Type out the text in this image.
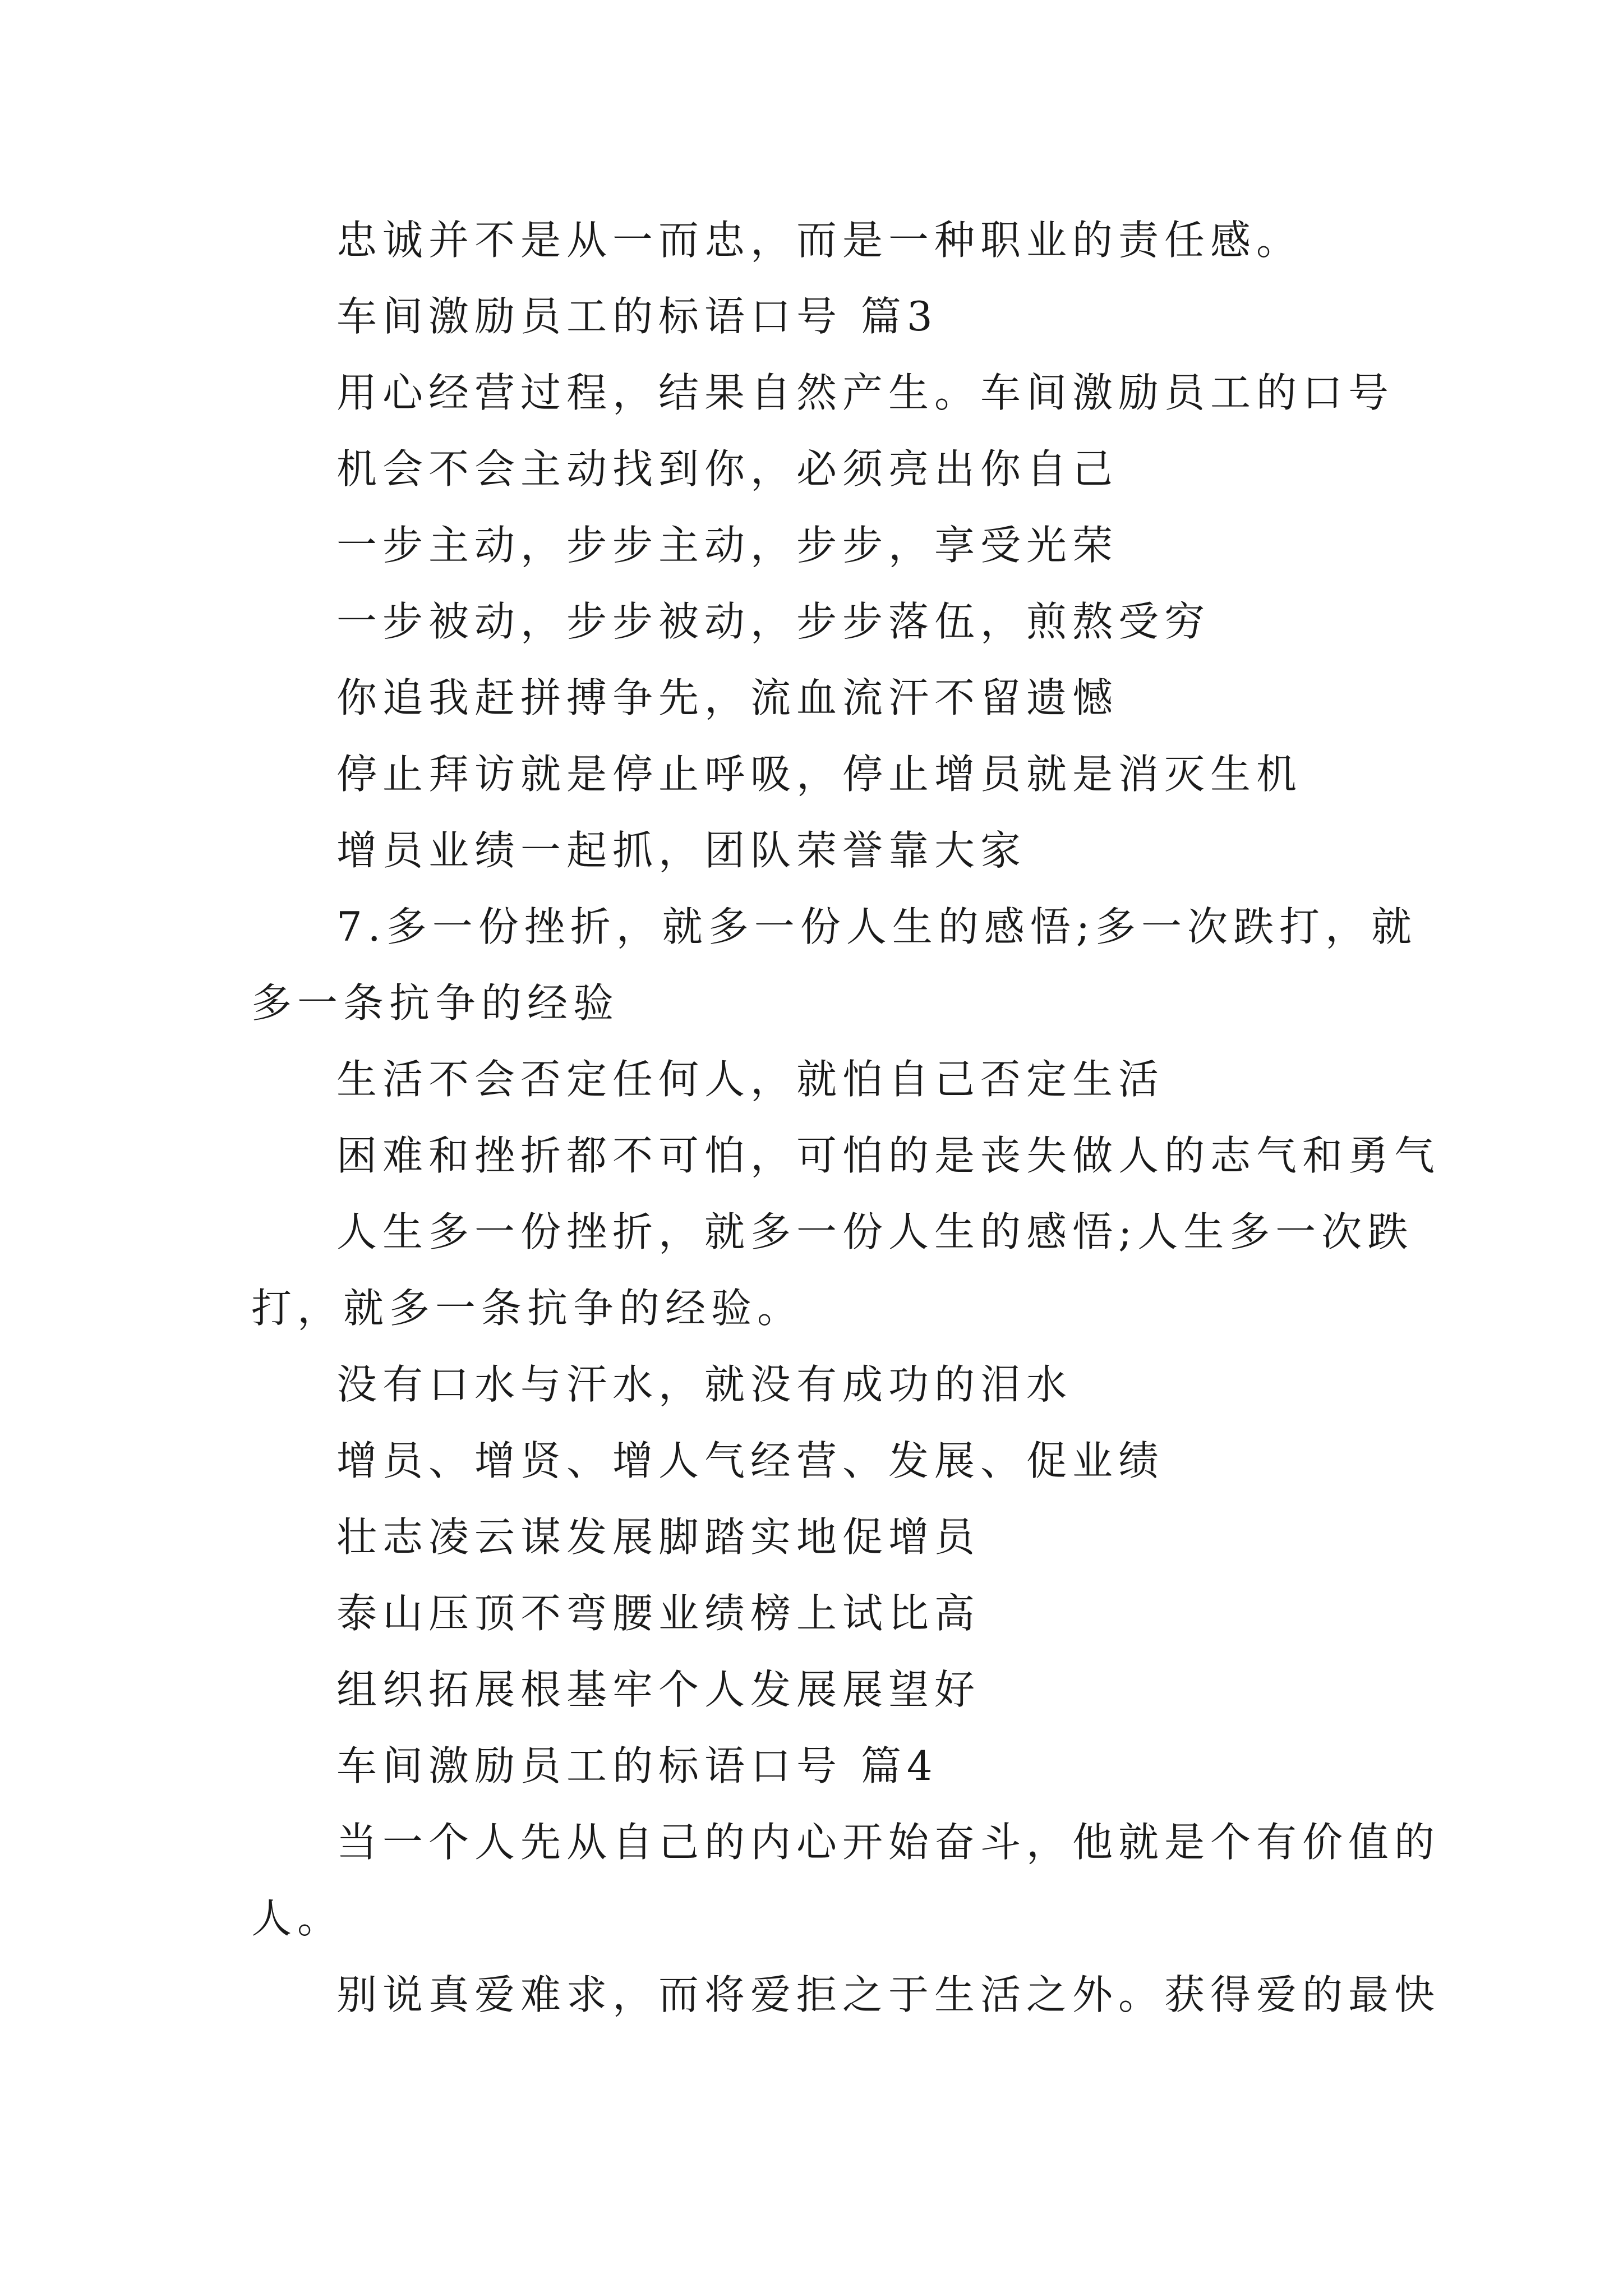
忠诚并不是从一而忠，而是一种职业的责任感。
车间激励员工的标语口号 篇3
用心经营过程，结果自然产生。车间激励员工的口号
机会不会主动找到你，必须亮出你自己
一步主动，步步主动，步步，享受光荣
一步被动，步步被动，步步落伍，煎熬受穷
你追我赶拼搏争先，流血流汗不留遗憾
停止拜访就是停止呼吸，停止增员就是消灭生机
增员业绩一起抓，团队荣誉靠大家
7.多一份挫折，就多一份人生的感悟;多一次跌打，就
多一条抗争的经验
生活不会否定任何人，就怕自己否定生活
困难和挫折都不可怕，可怕的是丧失做人的志气和勇气
人生多一份挫折，就多一份人生的感悟;人生多一次跌
打，就多一条抗争的经验。
没有口水与汗水，就没有成功的泪水
增员、增贤、增人气经营、发展、促业绩
壮志凌云谋发展脚踏实地促增员
泰山压顶不弯腰业绩榜上试比高
组织拓展根基牢个人发展展望好
车间激励员工的标语口号 篇4
当一个人先从自己的内心开始奋斗，他就是个有价值的
人。
别说真爱难求，而将爱拒之于生活之外。获得爱的最快
